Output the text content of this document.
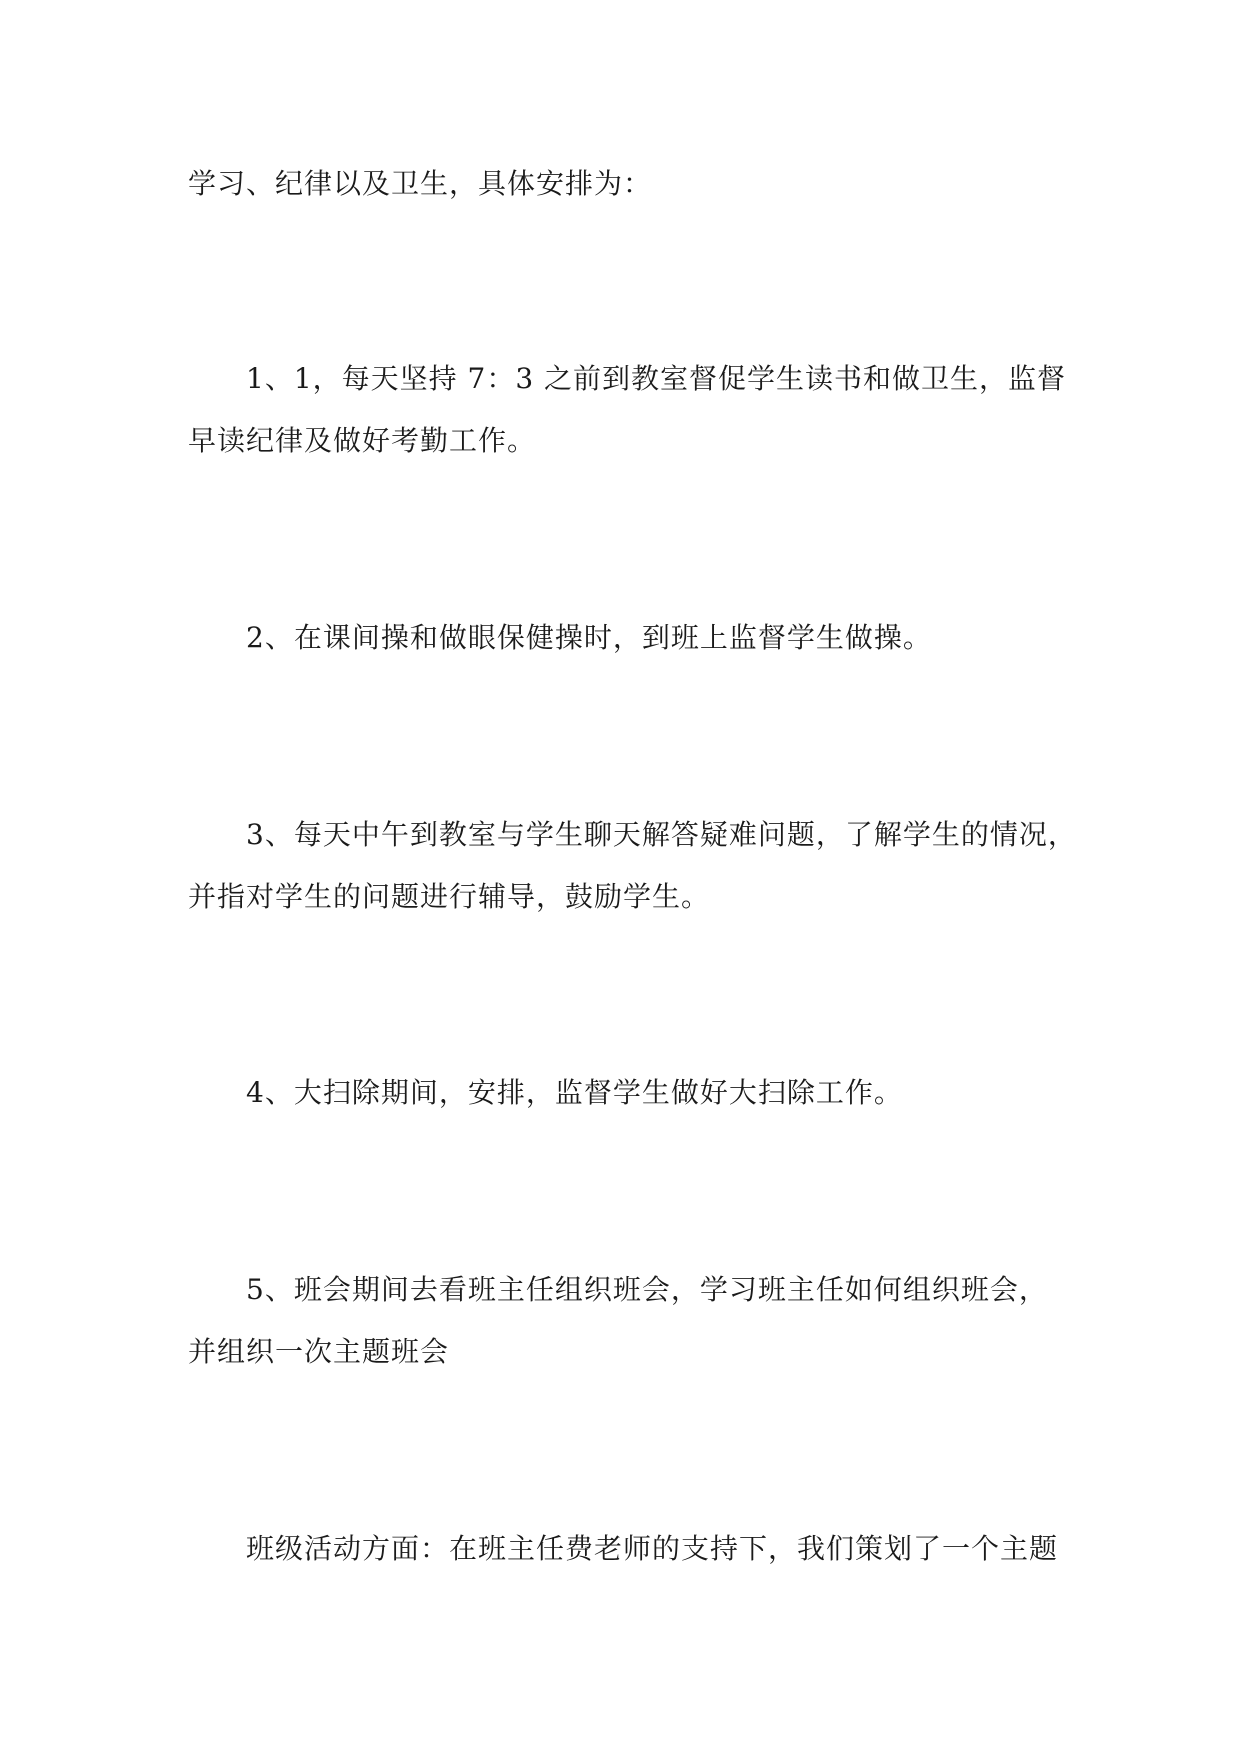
学习、纪律以及卫生，具体安排为：
1、1，每天坚持 7：3 之前到教室督促学生读书和做卫生，监督
早读纪律及做好考勤工作。
2、在课间操和做眼保健操时，到班上监督学生做操。
3、每天中午到教室与学生聊天解答疑难问题，了解学生的情况，
并指对学生的问题进行辅导，鼓励学生。
4、大扫除期间，安排，监督学生做好大扫除工作。
5、班会期间去看班主任组织班会，学习班主任如何组织班会，
并组织一次主题班会
班级活动方面：在班主任费老师的支持下，我们策划了一个主题
